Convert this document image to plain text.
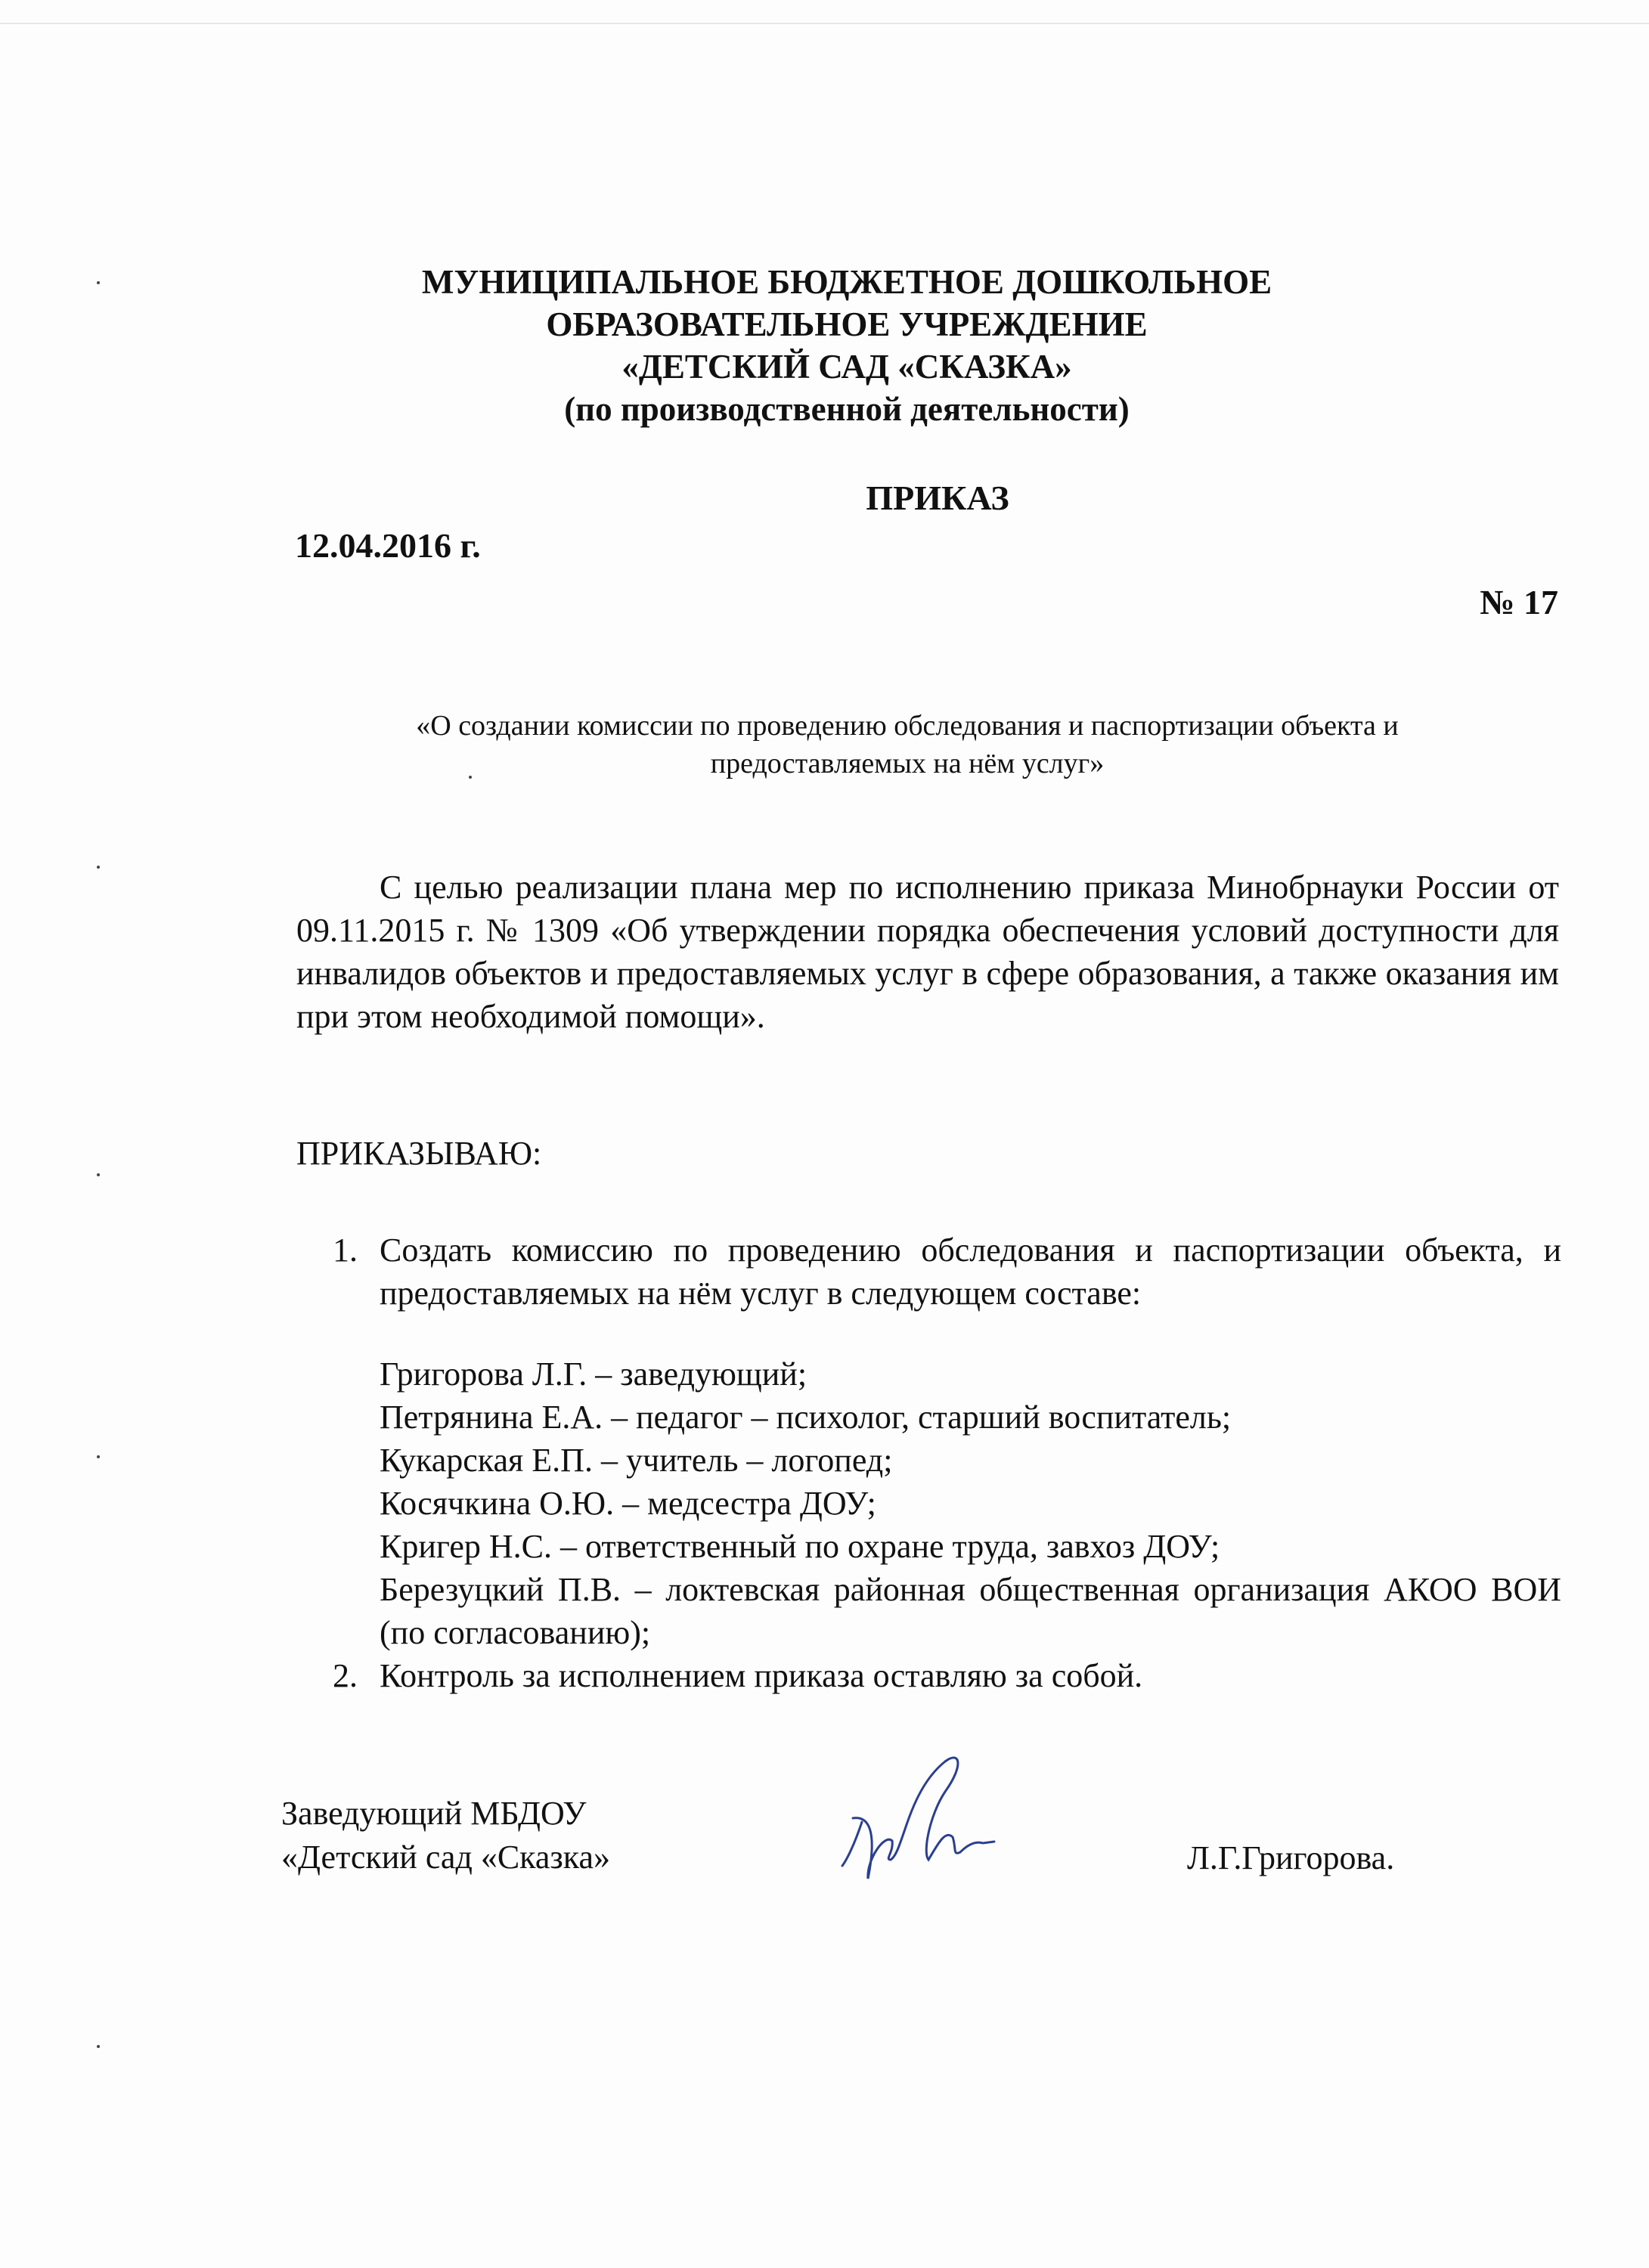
МУНИЦИПАЛЬНОЕ БЮДЖЕТНОЕ ДОШКОЛЬНОЕ
ОБРАЗОВАТЕЛЬНОЕ УЧРЕЖДЕНИЕ
«ДЕТСКИЙ САД «СКАЗКА»
(по производственной деятельности)
ПРИКАЗ
12.04.2016 г.
№ 17
«О создании комиссии по проведению обследования и паспортизации объекта и
предоставляемых на нём услуг»
С целью реализации плана мер по исполнению приказа Минобрнауки России от 09.11.2015 г. № 1309 «Об утверждении порядка обеспечения условий доступности для инвалидов объектов и предоставляемых услуг в сфере образования, а также оказания им при этом необходимой помощи».
ПРИКАЗЫВАЮ:
1. Создать комиссию по проведению обследования и паспортизации объекта, и предоставляемых на нём услуг в следующем составе:
Григорова Л.Г. – заведующий;
Петрянина Е.А. – педагог – психолог, старший воспитатель;
Кукарская Е.П. – учитель – логопед;
Косячкина О.Ю. – медсестра ДОУ;
Кригер Н.С. – ответственный по охране труда, завхоз ДОУ;
Березуцкий П.В. – локтевская районная общественная организация АКОО ВОИ (по согласованию);
2. Контроль за исполнением приказа оставляю за собой.
Заведующий МБДОУ
«Детский сад «Сказка»	Л.Г.Григорова.
